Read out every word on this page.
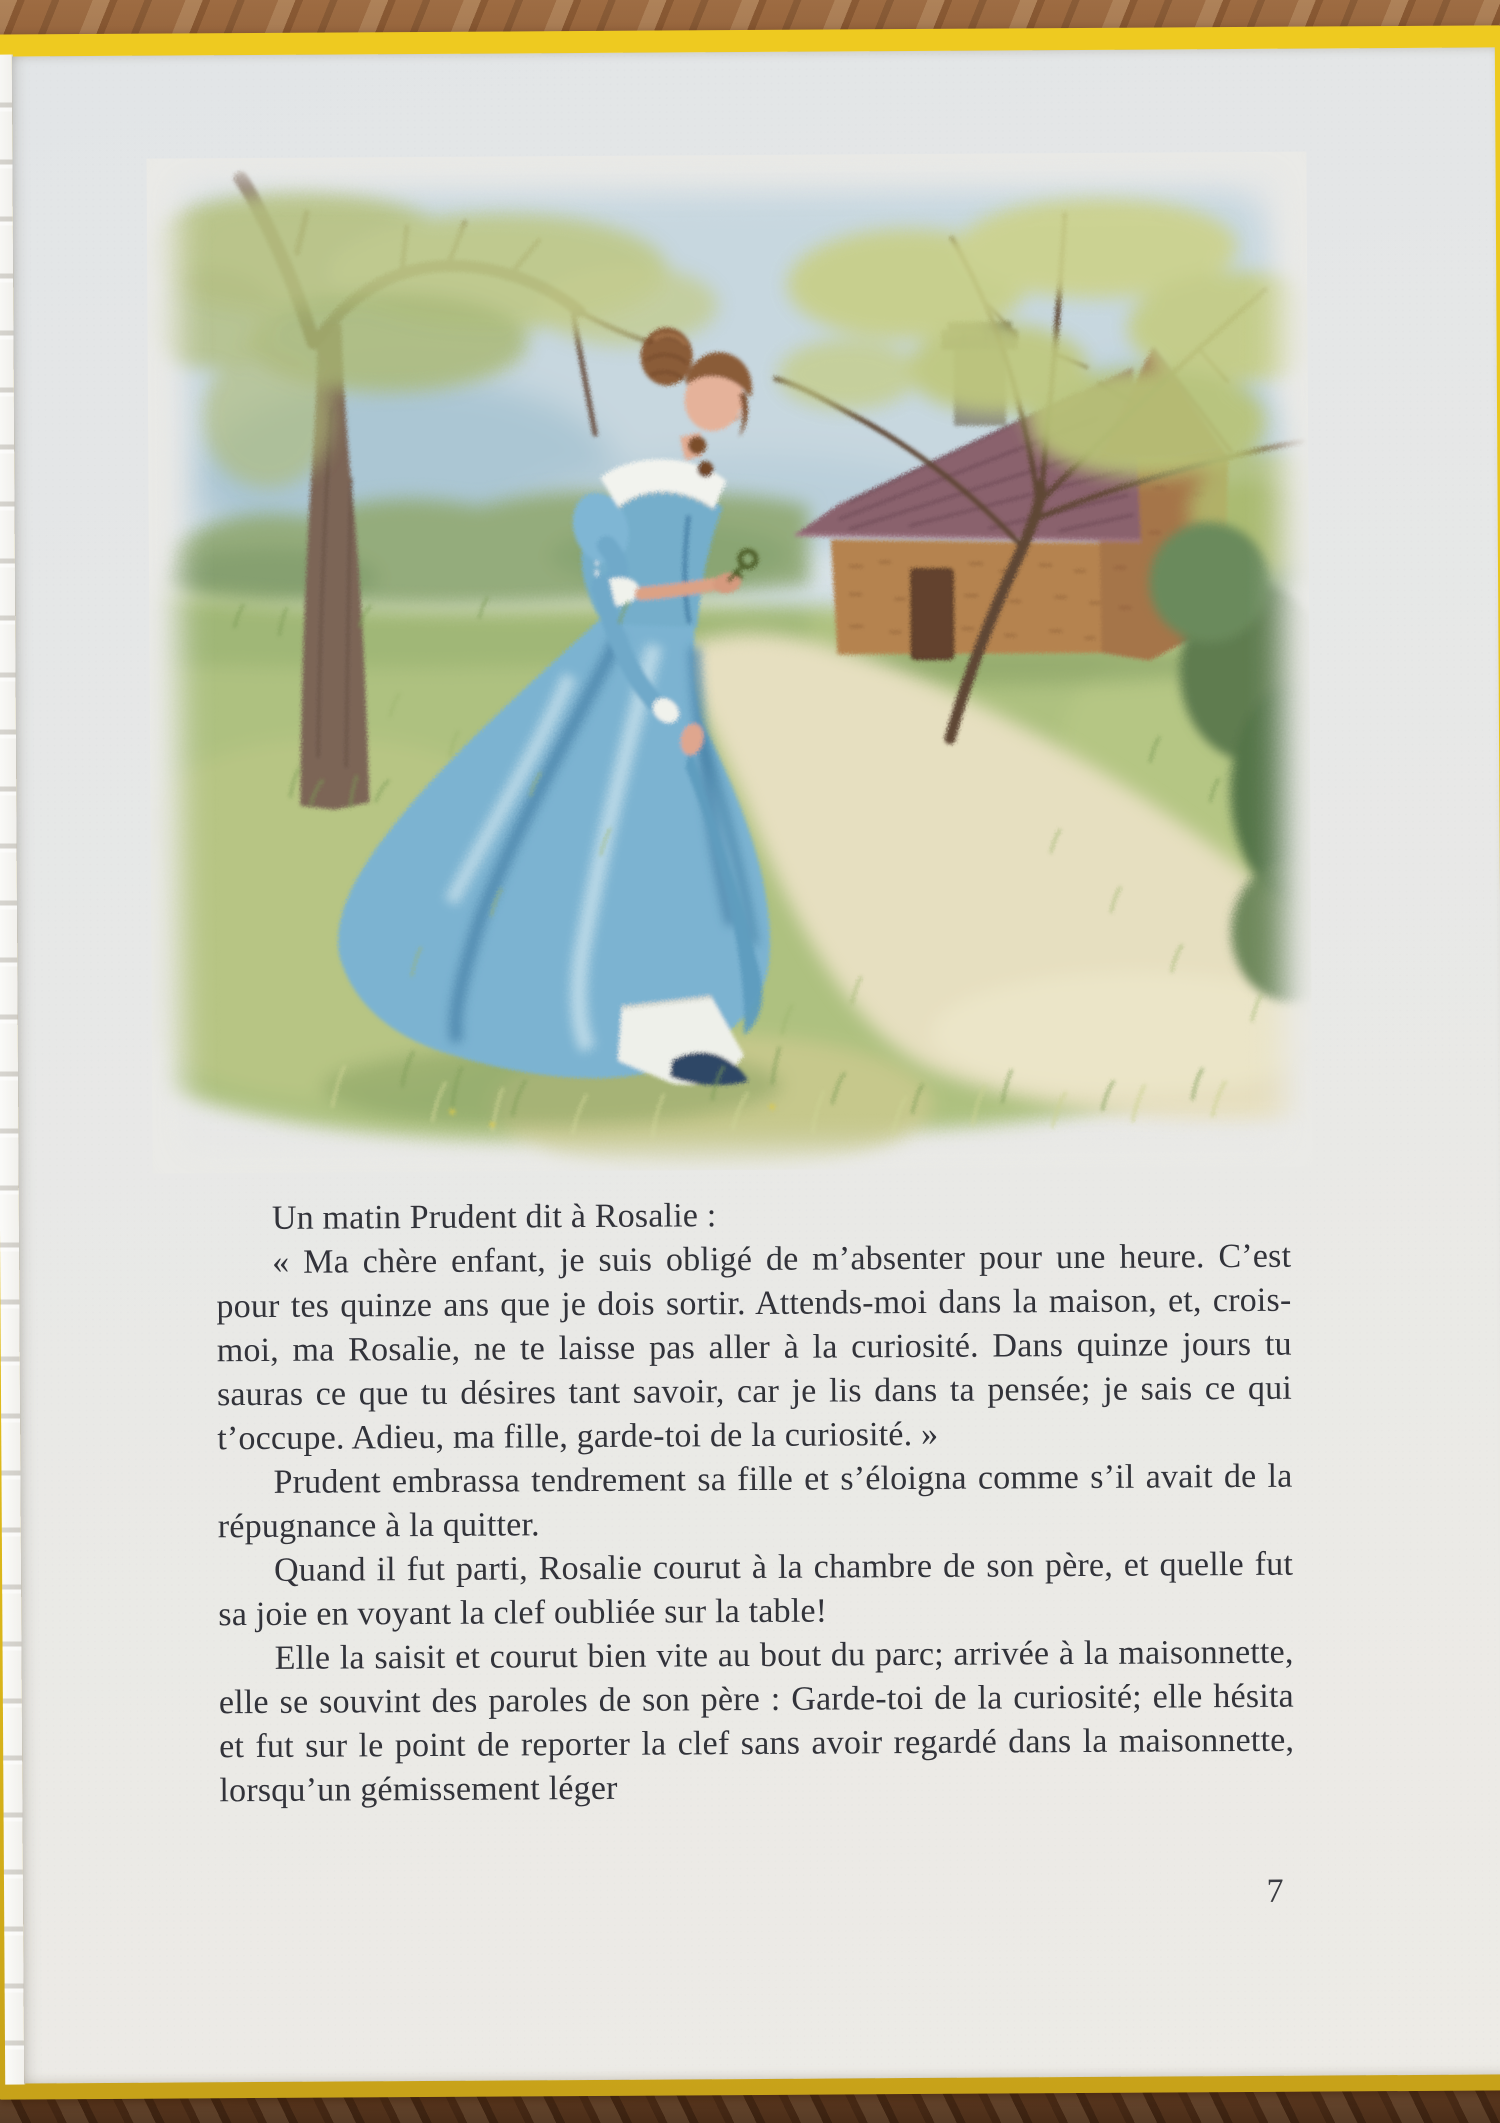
Un matin Prudent dit à Rosalie :

« Ma chère enfant, je suis obligé de m’absenter pour une heure. C’est pour tes quinze ans que je dois sortir. Attends-moi dans la maison, et, crois-moi, ma Rosalie, ne te laisse pas aller à la curiosité. Dans quinze jours tu sauras ce que tu désires tant savoir, car je lis dans ta pensée; je sais ce qui t’occupe. Adieu, ma fille, garde-toi de la curiosité. »

Prudent embrassa tendrement sa fille et s’éloigna comme s’il avait de la répugnance à la quitter.

Quand il fut parti, Rosalie courut à la chambre de son père, et quelle fut sa joie en voyant la clef oubliée sur la table!

Elle la saisit et courut bien vite au bout du parc; arrivée à la maisonnette, elle se souvint des paroles de son père : Garde-toi de la curiosité; elle hésita et fut sur le point de reporter la clef sans avoir regardé dans la maisonnette, lorsqu’un gémissement léger

7
